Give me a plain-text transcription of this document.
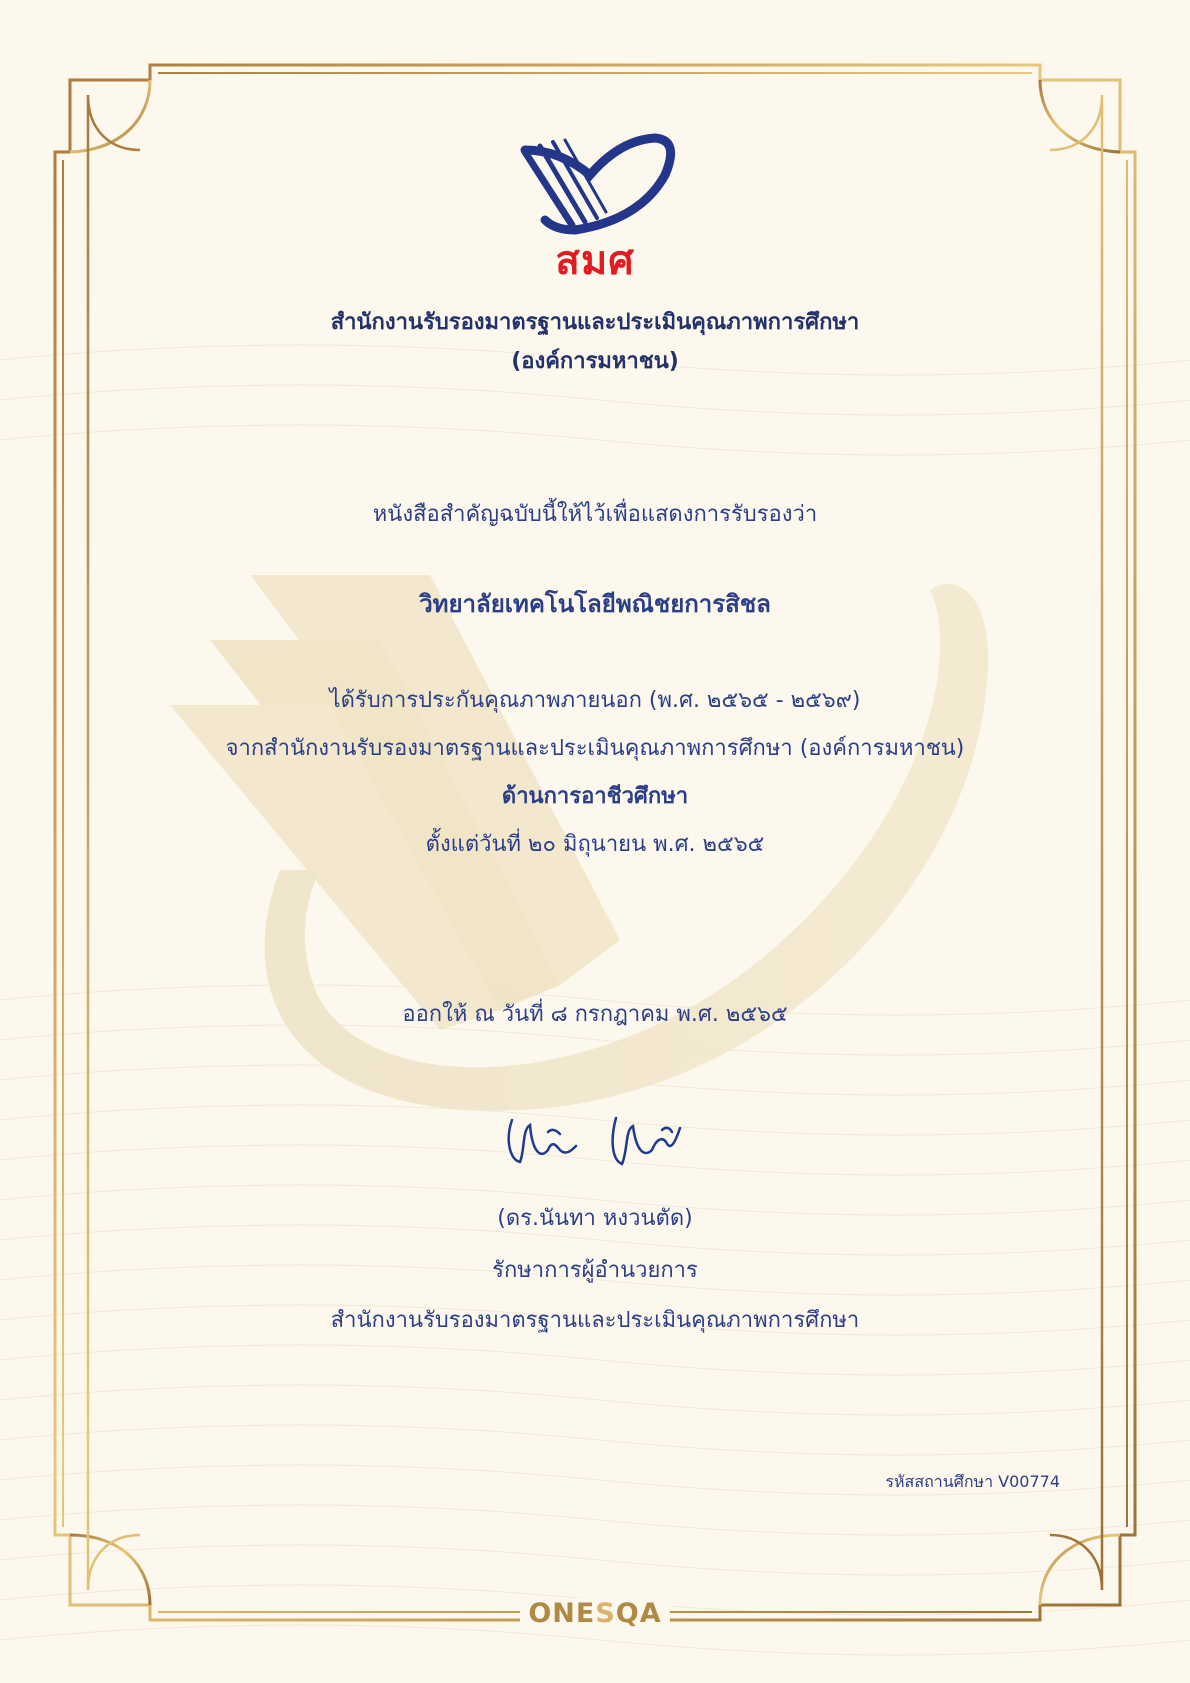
สมศ
สำนักงานรับรองมาตรฐานและประเมินคุณภาพการศึกษา
(องค์การมหาชน)
หนังสือสำคัญฉบับนี้ให้ไว้เพื่อแสดงการรับรองว่า
วิทยาลัยเทคโนโลยีพณิชยการสิชล
ได้รับการประกันคุณภาพภายนอก (พ.ศ. ๒๕๖๕ - ๒๕๖๙)
จากสำนักงานรับรองมาตรฐานและประเมินคุณภาพการศึกษา (องค์การมหาชน)
ด้านการอาชีวศึกษา
ตั้งแต่วันที่ ๒๐ มิถุนายน พ.ศ. ๒๕๖๕
ออกให้ ณ วันที่ ๘ กรกฎาคม พ.ศ. ๒๕๖๕
(ดร.นันทา หงวนตัด)
รักษาการผู้อำนวยการ
สำนักงานรับรองมาตรฐานและประเมินคุณภาพการศึกษา
รหัสสถานศึกษา V00774
ONESQA
